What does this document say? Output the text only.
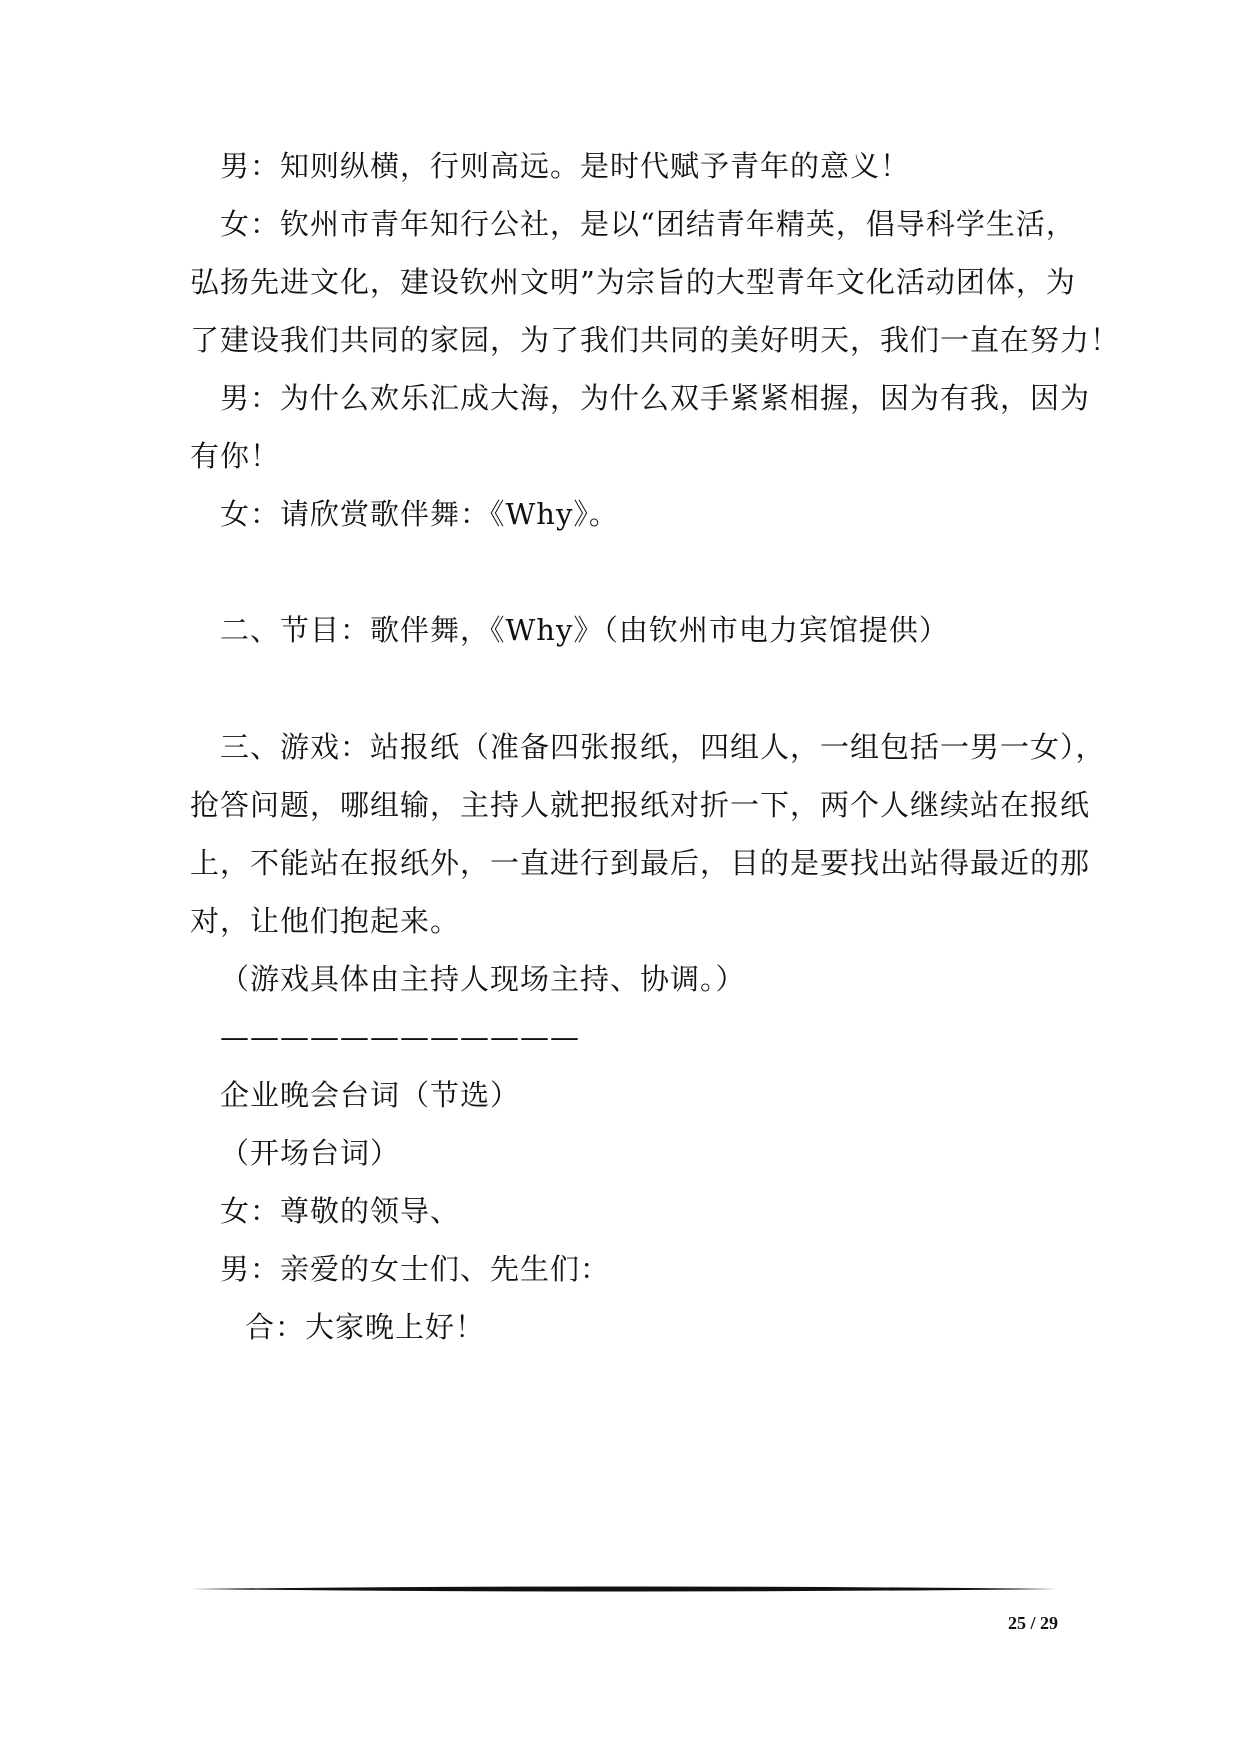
男：知则纵横，行则高远。是时代赋予青年的意义！
女：钦州市青年知行公社，是以“团结青年精英，倡导科学生活，
弘扬先进文化，建设钦州文明”为宗旨的大型青年文化活动团体，为
了建设我们共同的家园，为了我们共同的美好明天，我们一直在努力！
男：为什么欢乐汇成大海，为什么双手紧紧相握，因为有我，因为
有你！
女：请欣赏歌伴舞：《Why》。
二、节目：歌伴舞，《Why》（由钦州市电力宾馆提供）
三、游戏：站报纸（准备四张报纸，四组人，一组包括一男一女），
抢答问题，哪组输，主持人就把报纸对折一下，两个人继续站在报纸
上，不能站在报纸外，一直进行到最后，目的是要找出站得最近的那
对，让他们抱起来。
（游戏具体由主持人现场主持、协调。）
————————————
企业晚会台词（节选）
（开场台词）
女：尊敬的领导、
男：亲爱的女士们、先生们：
合：大家晚上好！
25 / 29
